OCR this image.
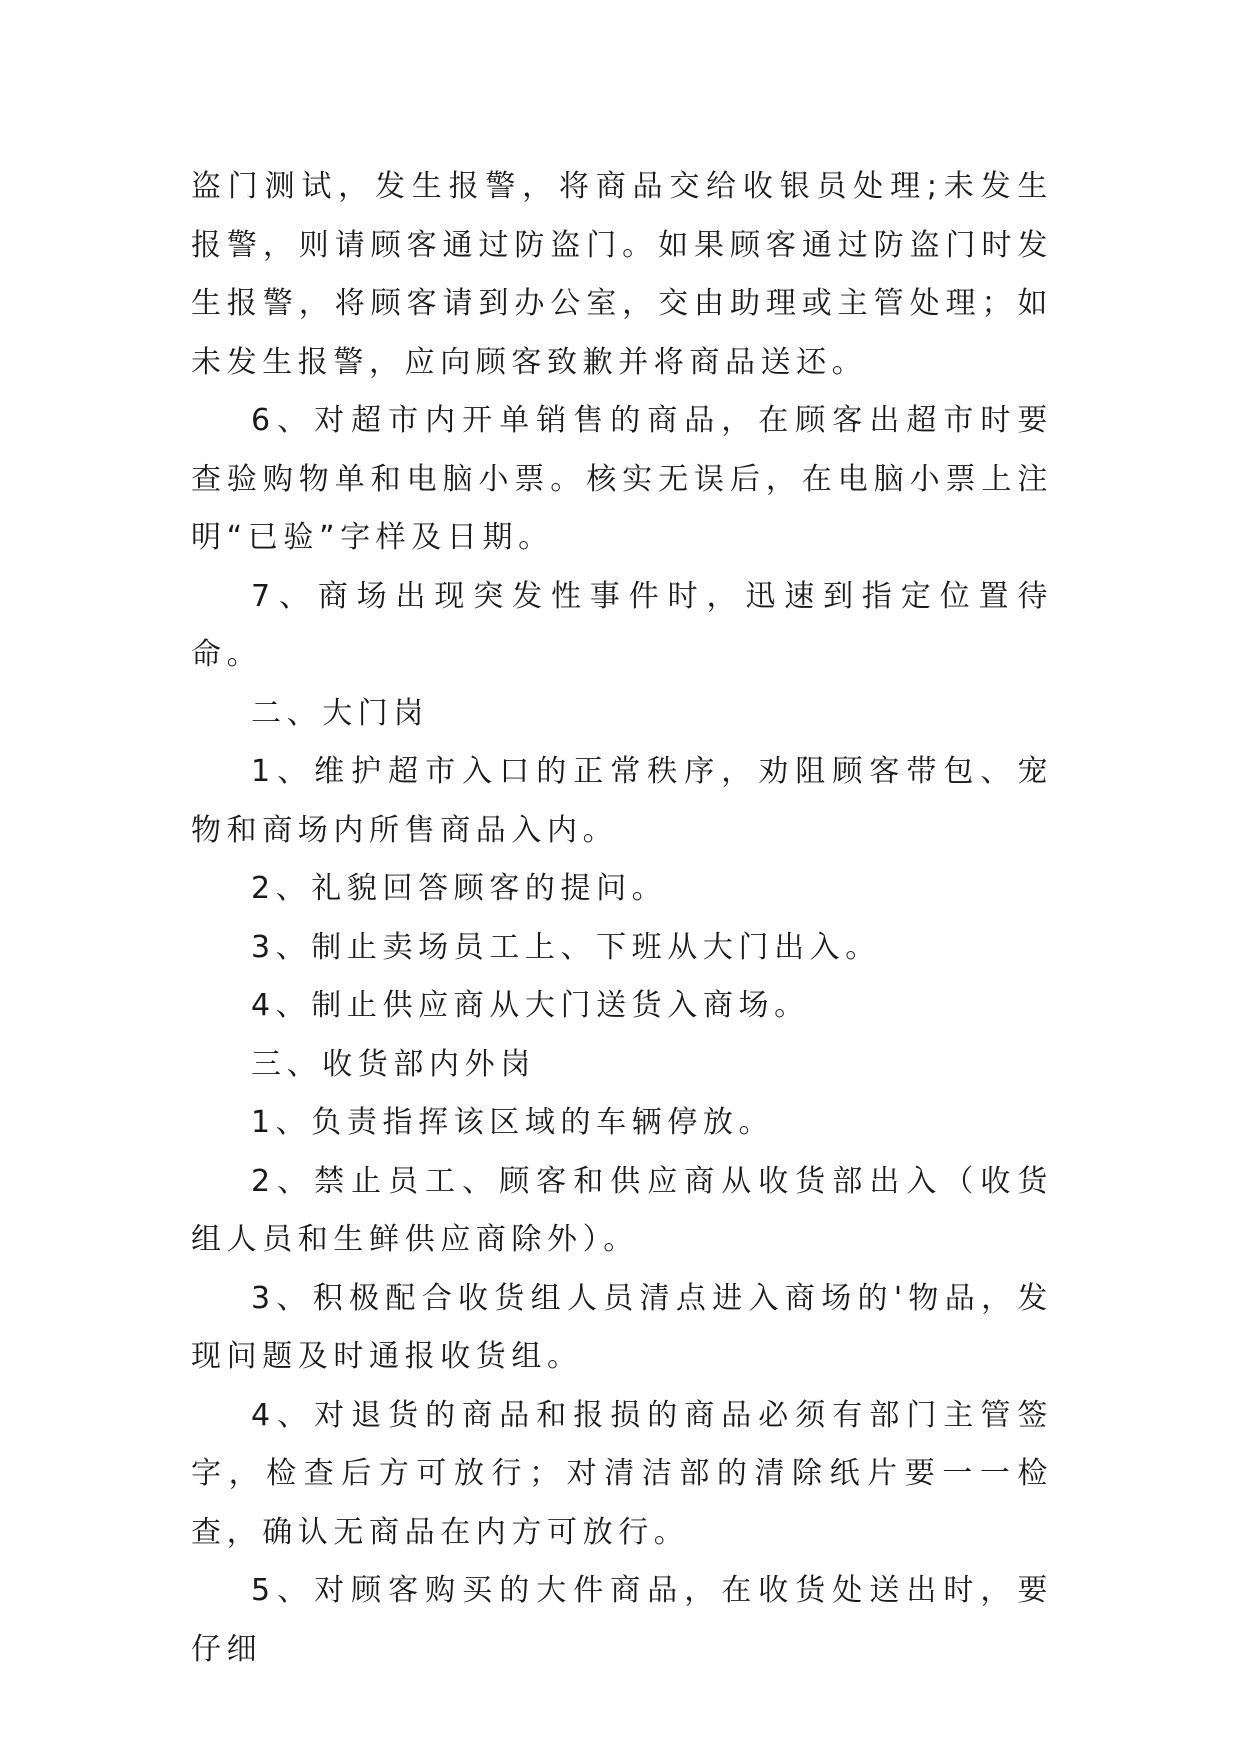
盗门测试，发生报警，将商品交给收银员处理;未发生报警，则请顾客通过防盗门。如果顾客通过防盗门时发生报警，将顾客请到办公室，交由助理或主管处理；如未发生报警，应向顾客致歉并将商品送还。

6、对超市内开单销售的商品，在顾客出超市时要查验购物单和电脑小票。核实无误后，在电脑小票上注明“已验”字样及日期。

7、商场出现突发性事件时，迅速到指定位置待命。

二、大门岗

1、维护超市入口的正常秩序，劝阻顾客带包、宠物和商场内所售商品入内。

2、礼貌回答顾客的提问。

3、制止卖场员工上、下班从大门出入。

4、制止供应商从大门送货入商场。

三、收货部内外岗

1、负责指挥该区域的车辆停放。

2、禁止员工、顾客和供应商从收货部出入（收货组人员和生鲜供应商除外）。

3、积极配合收货组人员清点进入商场的'物品，发现问题及时通报收货组。

4、对退货的商品和报损的商品必须有部门主管签字，检查后方可放行；对清洁部的清除纸片要一一检查，确认无商品在内方可放行。

5、对顾客购买的大件商品，在收货处送出时，要仔细
